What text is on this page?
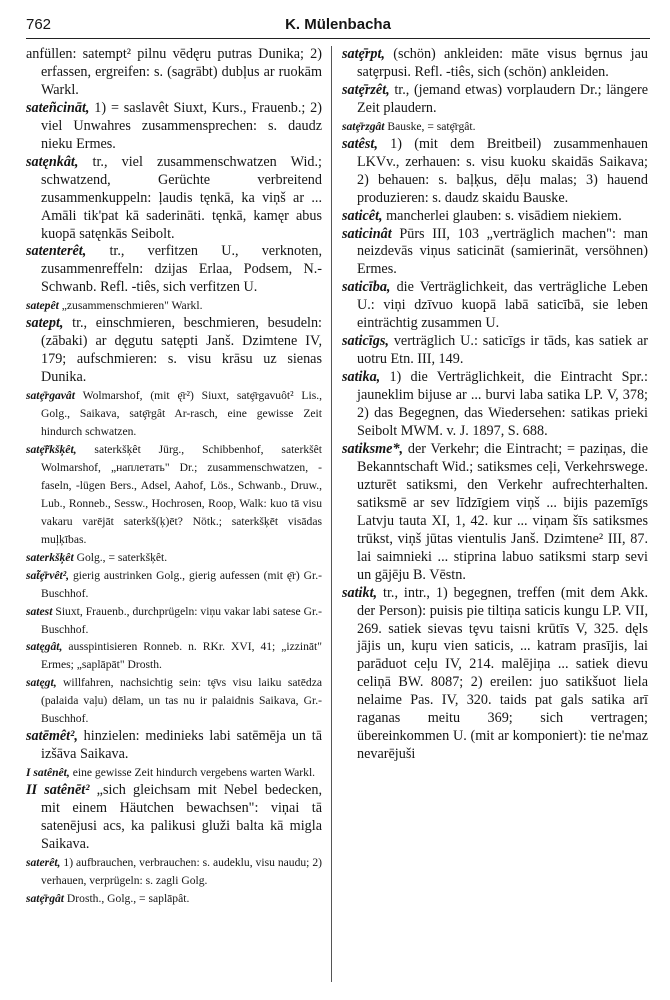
762	K. Mülenbacha

anfüllen: satempt² pilnu vēdęru putras Dunika; 2) erfassen, ergreifen: s. (sagrābt) dubļus ar ruokām Warkl.

sateñcināt, 1) = saslavêt Siuxt, Kurs., Frauenb.; 2) viel Unwahres zusammensprechen: s. daudz nieku Ermes.

satęnkât, tr., viel zusammenschwatzen Wid.; schwatzend, Gerüchte verbreitend zusammenkuppeln: ļaudis tęnkā, ka viņš ar ... Amāli tik'pat kā saderināti. tęnkā, kamęr abus kuopā satęnkās Seibolt.

satenterêt, tr., verfitzen U., verknoten, zusammenreffeln: dzijas Erlaa, Podsem, N.-Schwanb. Refl. -tiês, sich verfitzen U.

satepêt „zusammenschmieren" Warkl.

satept, tr., einschmieren, beschmieren, besudeln: (zābaki) ar dęgutu satępti Janš. Dzimtene IV, 179; aufschmieren: s. visu krāsu uz sienas Dunika.

satȩ̄rgavât Wolmarshof, (mit ę̄r²) Siuxt, satȩ̄rgavuôt² Lis., Golg., Saikava, satȩ̄rgât Ar-rasch, eine gewisse Zeit hindurch schwatzen.

satȩ̄r̃kšķêt, saterkšķêt Jürg., Schibbenhof, saterkšêt Wolmarshof, „наплетать" Dr.; zusammenschwatzen, -faseln, -lügen Bers., Adsel, Aahof, Lös., Schwanb., Druw., Lub., Ronneb., Sessw., Hochrosen, Roop, Walk: kuo tā visu vakaru varējāt saterkš(ķ)ēt? Nötk.; saterkšķēt visādas muļķības.

saterkšķêt Golg., = saterkšķêt.

sat̃ȩ̄rvêt², gierig austrinken Golg., gierig aufessen (mit ę̄r) Gr.-Buschhof.

satest Siuxt, Frauenb., durchprügeln: viņu vakar labi satese Gr.-Buschhof.

satęgât, ausspintisieren Ronneb. n. RKr. XVI, 41; „izzināt" Ermes; „saplāpāt" Drosth.

satęgt, willfahren, nachsichtig sein: tȩ̄vs visu laiku satēdza (palaida vaļu) dēlam, un tas nu ir palaidnis Saikava, Gr.-Buschhof.

satēmêt², hinzielen: medinieks labi satēmēja un tā izšāva Saikava.

I satênêt, eine gewisse Zeit hindurch vergebens warten Warkl.

II satênēt² „sich gleichsam mit Nebel bedecken, mit einem Häutchen bewachsen": viņai tā satenējusi acs, ka palikusi gluži balta kā migla Saikava.

saterêt, 1) aufbrauchen, verbrauchen: s. audeklu, visu naudu; 2) verhauen, verprügeln: s. zagli Golg.

satȩ̄rgât Drosth., Golg., = saplāpât.

satȩ̄rpt, (schön) ankleiden: māte visus bȩrnus jau satȩrpusi. Refl. -tiês, sich (schön) ankleiden.

satȩ̄rzêt, tr., (jemand etwas) vorplaudern Dr.; längere Zeit plaudern.

satȩ̄rzgât Bauske, = satȩ̄rgât.

satêst, 1) (mit dem Breitbeil) zusammenhauen LKVv., zerhauen: s. visu kuoku skaidās Saikava; 2) behauen: s. baļķus, dēļu malas; 3) hauend produzieren: s. daudz skaidu Bauske.

saticêt, mancherlei glauben: s. visādiem niekiem.

saticinât Pūrs III, 103 „verträglich machen": man neizdevās viņus saticināt (samierināt, versöhnen) Ermes.

saticība, die Verträglichkeit, das verträgliche Leben U.: viņi dzīvuo kuopā labā saticībā, sie leben einträchtig zusammen U.

saticīgs, verträglich U.: saticīgs ir tāds, kas satiek ar uotru Etn. III, 149.

satika, 1) die Verträglichkeit, die Eintracht Spr.: jauneklim bijuse ar ... burvi laba satika LP. V, 378; 2) das Begegnen, das Wiedersehen: satikas prieki Seibolt MWM. v. J. 1897, S. 688.

satiksme*, der Verkehr; die Eintracht; = paziņas, die Bekanntschaft Wid.; satiksmes ceļi, Verkehrswege. uzturēt satiksmi, den Verkehr aufrechterhalten. satiksmē ar sev līdzīgiem viņš ... bijis pazemīgs Latvju tauta XI, 1, 42. kur ... viņam šīs satiksmes trūkst, viņš jūtas vientulis Janš. Dzimtene² III, 87. lai saimnieki ... stiprina labuo satiksmi starp sevi un gājēju B. Vēstn.

satikt, tr., intr., 1) begegnen, treffen (mit dem Akk. der Person): puisis pie tiltiņa saticis kungu LP. VII, 269. satiek sievas tȩvu taisni krūtīs V, 325. dęls jājis un, kuŗu vien saticis, ... katram prasījis, lai parāduot ceļu IV, 214. malējiņa ... satiek dievu celiņā BW. 8087; 2) ereilen: juo satikšuot liela nelaime Pas. IV, 320. taids pat gals satika arī raganas meitu 369; sich vertragen; übereinkommen U. (mit ar komponiert): tie ne'maz nevarējuši
